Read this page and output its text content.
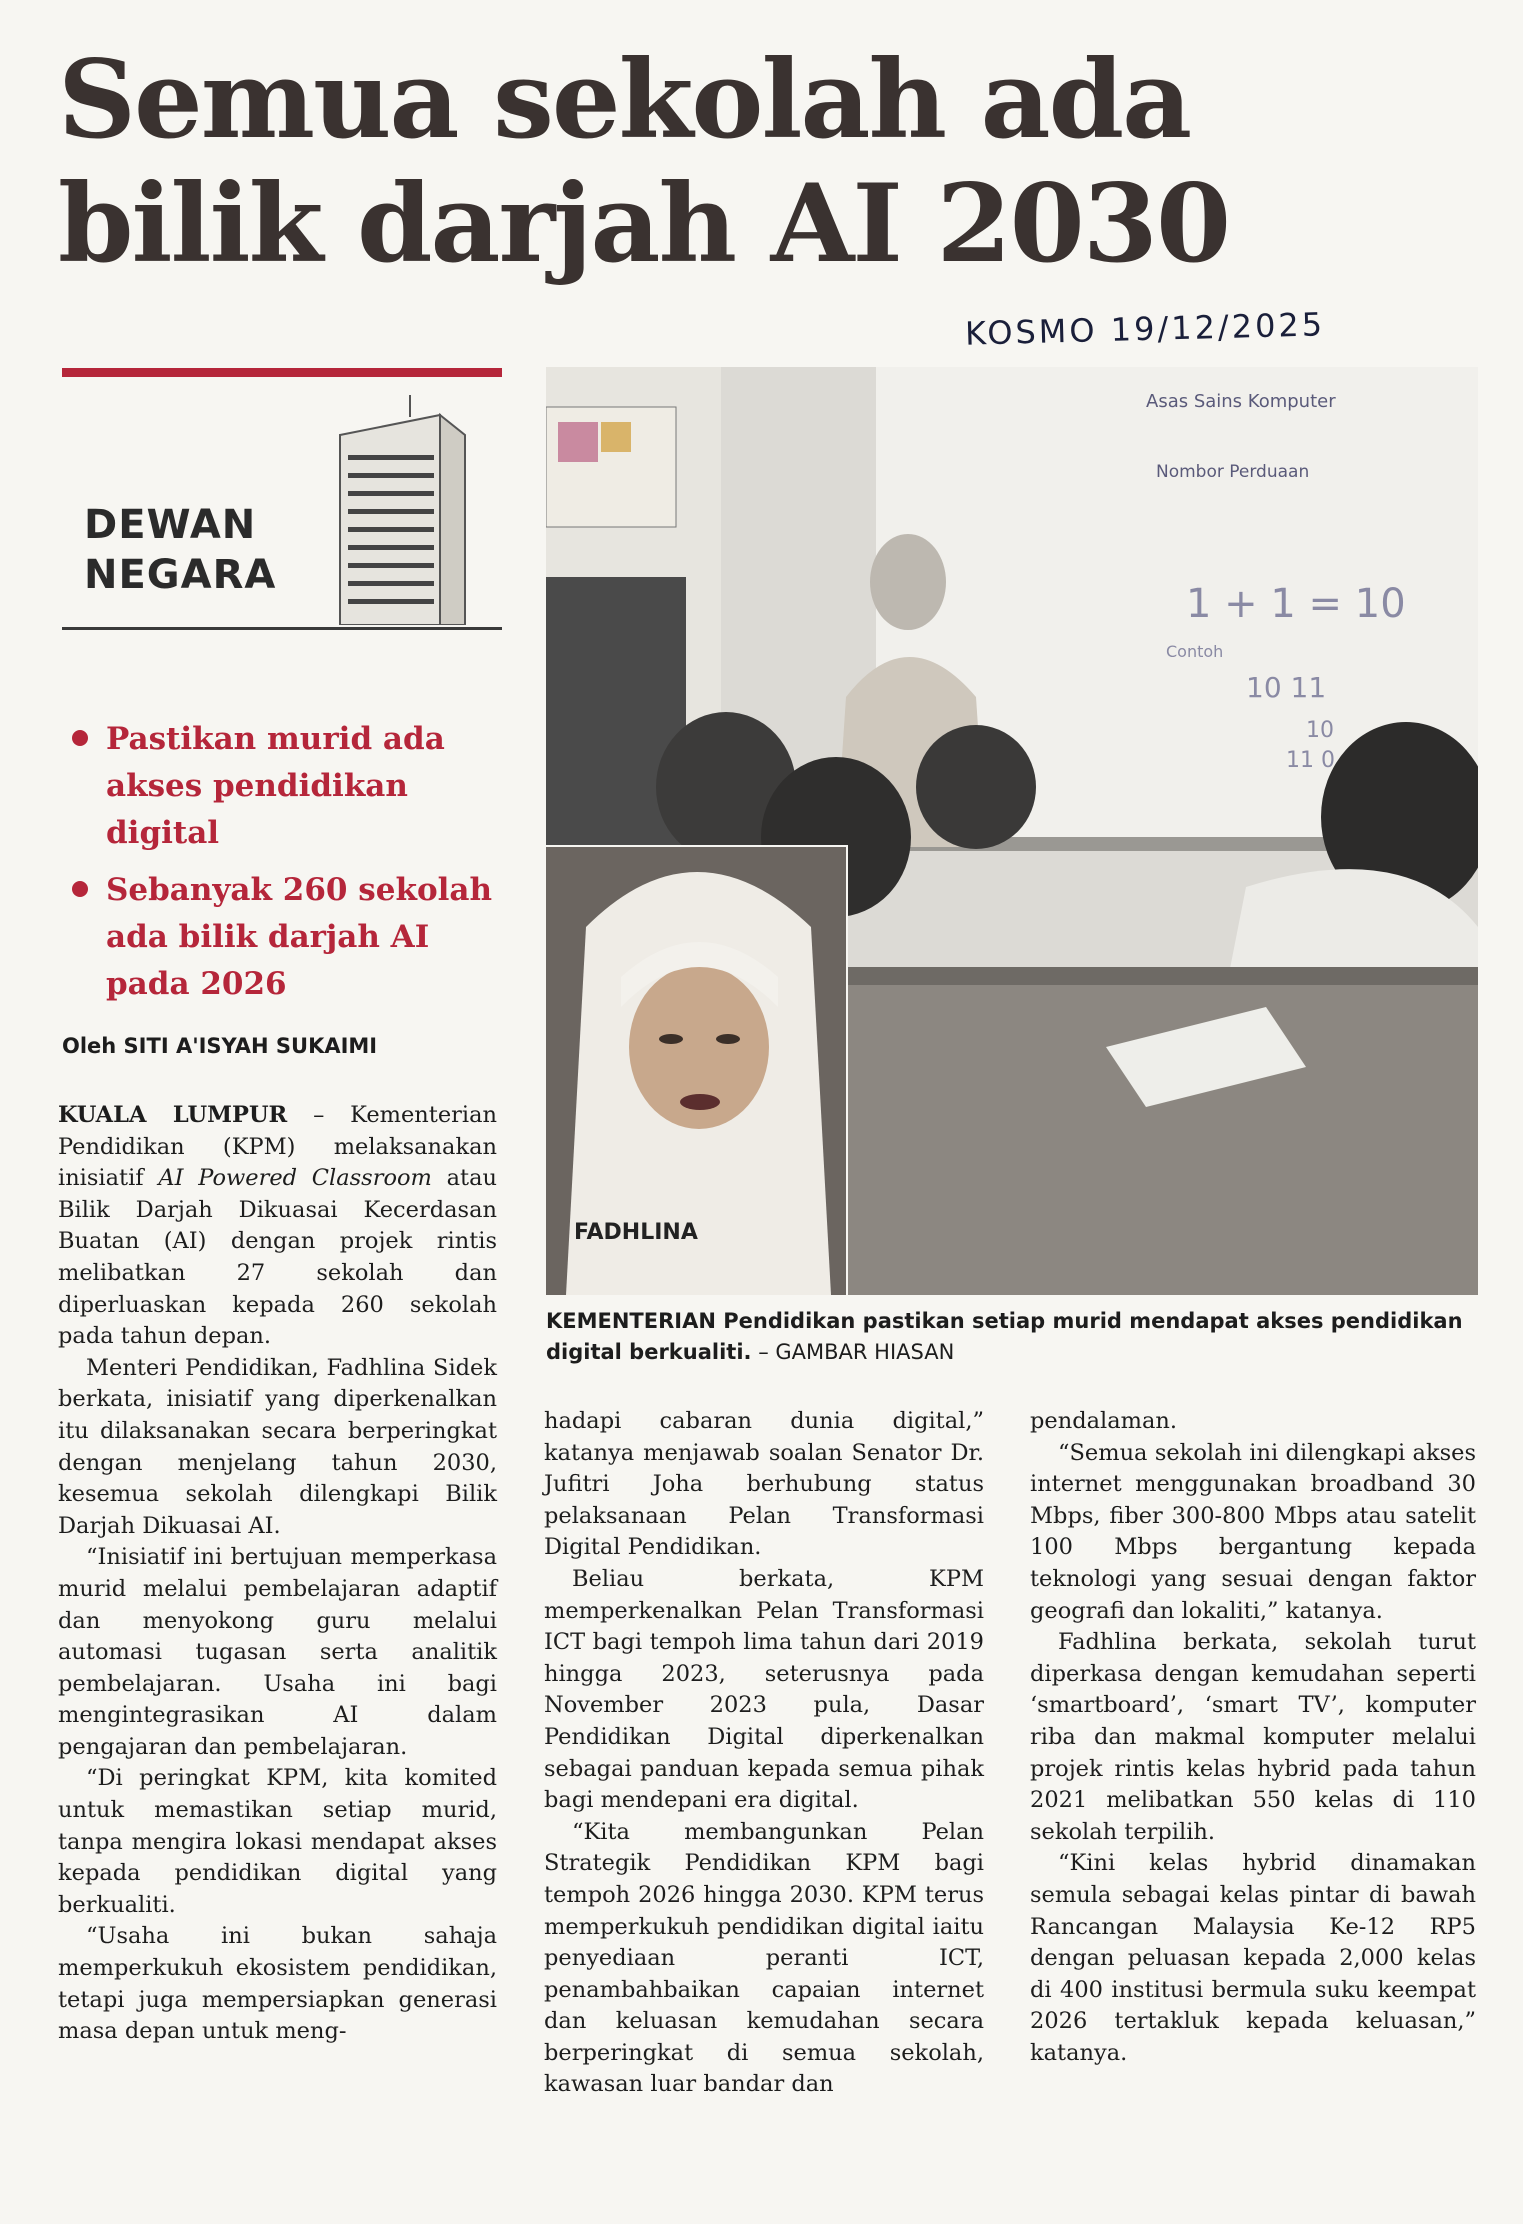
Semua sekolah ada bilik darjah AI 2030

KOSMO 19/12/2025

DEWAN
NEGARA

Pastikan murid ada akses pendidikan digital
Sebanyak 260 sekolah ada bilik darjah AI pada 2026

Oleh SITI A'ISYAH SUKAIMI

Asas Sains Komputer
Nombor Perduaan
1 + 1 = 10
Contoh
10 11
10
11 0

FADHLINA

KEMENTERIAN Pendidikan pastikan setiap murid mendapat akses pendidikan digital berkualiti. – GAMBAR HIASAN

KUALA LUMPUR – Kementerian Pendidikan (KPM) melaksanakan inisiatif AI Powered Classroom atau Bilik Darjah Dikuasai Kecerdasan Buatan (AI) dengan projek rintis melibatkan 27 sekolah dan diperluaskan kepada 260 sekolah pada tahun depan.

Menteri Pendidikan, Fadhlina Sidek berkata, inisiatif yang diperkenalkan itu dilaksanakan secara berperingkat dengan menjelang tahun 2030, kesemua sekolah dilengkapi Bilik Darjah Dikuasai AI.

“Inisiatif ini bertujuan memperkasa murid melalui pembelajaran adaptif dan menyokong guru melalui automasi tugasan serta analitik pembelajaran. Usaha ini bagi mengintegrasikan AI dalam pengajaran dan pembelajaran.

“Di peringkat KPM, kita komited untuk memastikan setiap murid, tanpa mengira lokasi mendapat akses kepada pendidikan digital yang berkualiti.

“Usaha ini bukan sahaja memperkukuh ekosistem pendidikan, tetapi juga mempersiapkan generasi masa depan untuk meng-

hadapi cabaran dunia digital,” katanya menjawab soalan Senator Dr. Jufitri Joha berhubung status pelaksanaan Pelan Transformasi Digital Pendidikan.

Beliau berkata, KPM memperkenalkan Pelan Transformasi ICT bagi tempoh lima tahun dari 2019 hingga 2023, seterusnya pada November 2023 pula, Dasar Pendidikan Digital diperkenalkan sebagai panduan kepada semua pihak bagi mendepani era digital.

“Kita membangunkan Pelan Strategik Pendidikan KPM bagi tempoh 2026 hingga 2030. KPM terus memperkukuh pendidikan digital iaitu penyediaan peranti ICT, penambahbaikan capaian internet dan keluasan kemudahan secara berperingkat di semua sekolah, kawasan luar bandar dan

pendalaman.

“Semua sekolah ini dilengkapi akses internet menggunakan broadband 30 Mbps, fiber 300-800 Mbps atau satelit 100 Mbps bergantung kepada teknologi yang sesuai dengan faktor geografi dan lokaliti,” katanya.

Fadhlina berkata, sekolah turut diperkasa dengan kemudahan seperti ‘smartboard’, ‘smart TV’, komputer riba dan makmal komputer melalui projek rintis kelas hybrid pada tahun 2021 melibatkan 550 kelas di 110 sekolah terpilih.

“Kini kelas hybrid dinamakan semula sebagai kelas pintar di bawah Rancangan Malaysia Ke-12 RP5 dengan peluasan kepada 2,000 kelas di 400 institusi bermula suku keempat 2026 tertakluk kepada keluasan,” katanya.
